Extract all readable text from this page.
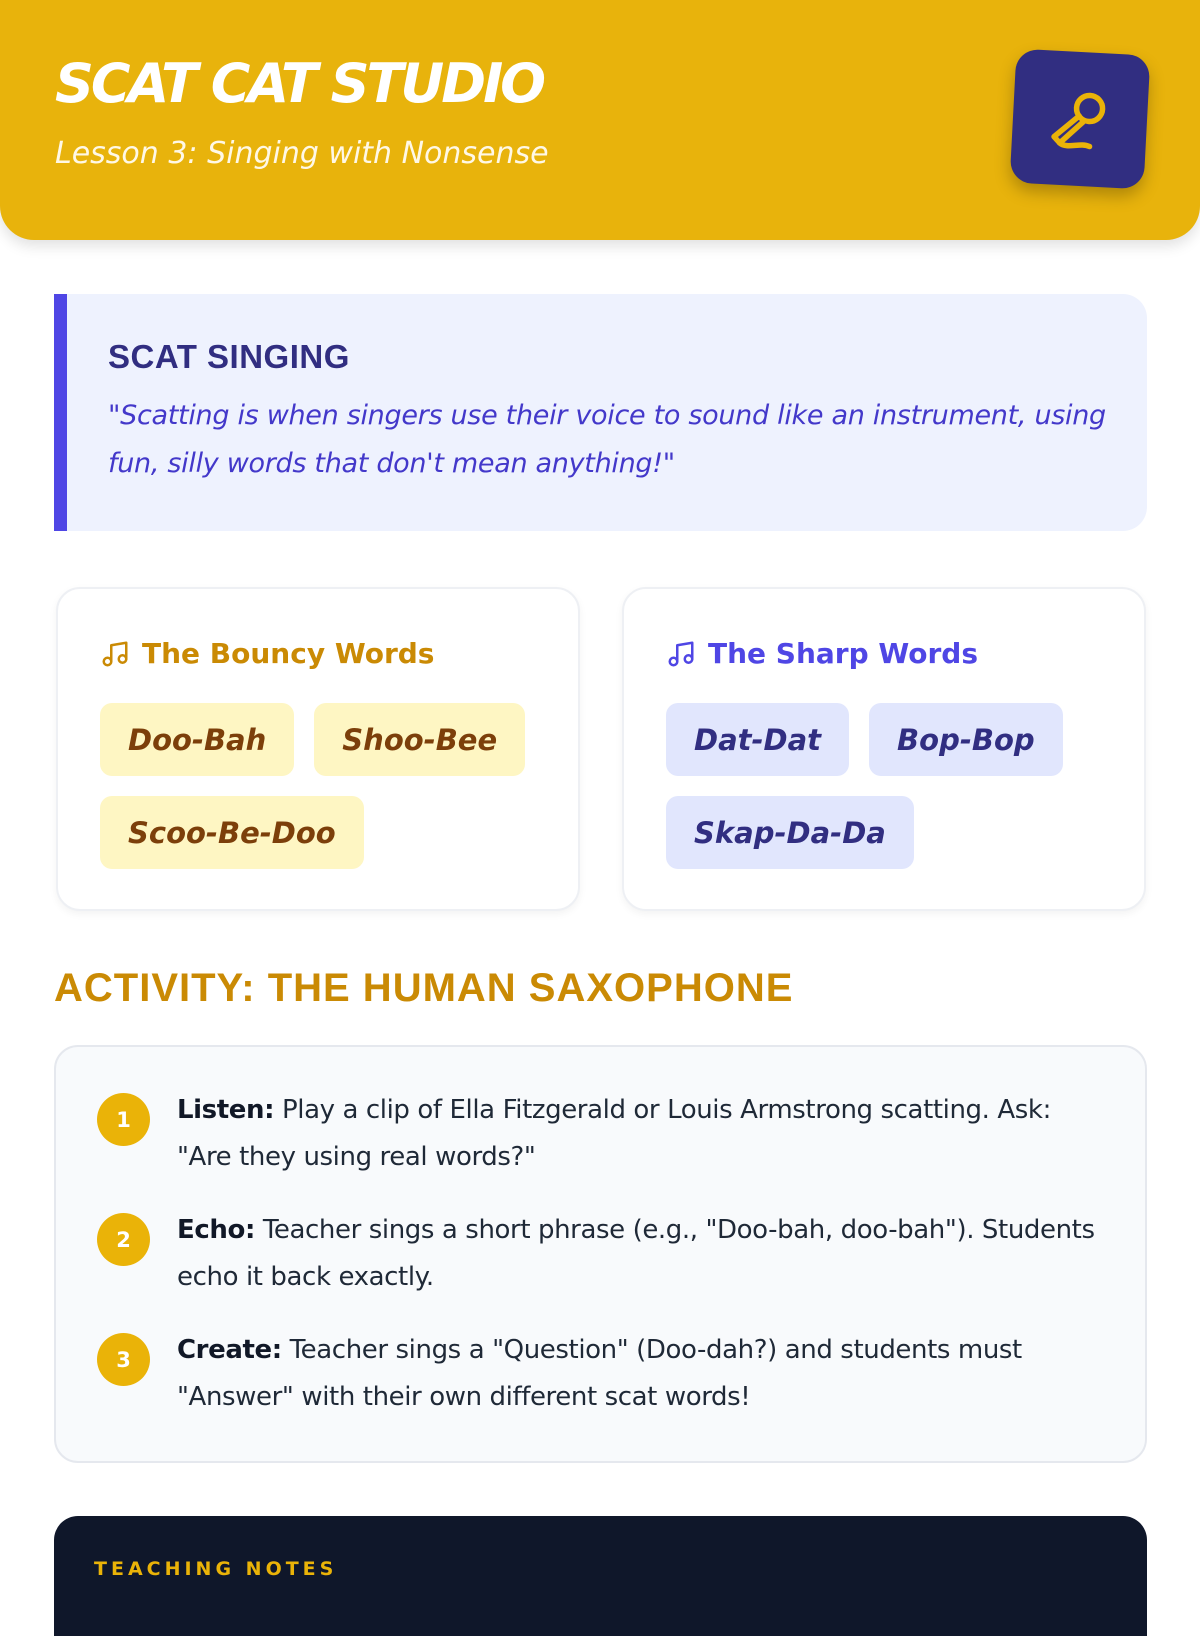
SCAT CAT STUDIO
Lesson 3: Singing with Nonsense
SCAT SINGING

"Scatting is when singers use their voice to sound like an instrument, using fun, silly words that don't mean anything!"

The Bouncy Words
Doo-Bah	Shoo-Bee
Scoo-Be-Doo
The Sharp Words
Dat-Dat	Bop-Bop
Skap-Da-Da
ACTIVITY: THE HUMAN SAXOPHONE
1	Listen: Play a clip of Ella Fitzgerald or Louis Armstrong scatting. Ask: "Are they using real words?"

2	Echo: Teacher sings a short phrase (e.g., "Doo-bah, doo-bah"). Students echo it back exactly.

3	Create: Teacher sings a "Question" (Doo-dah?) and students must "Answer" with their own different scat words!

TEACHING NOTES
